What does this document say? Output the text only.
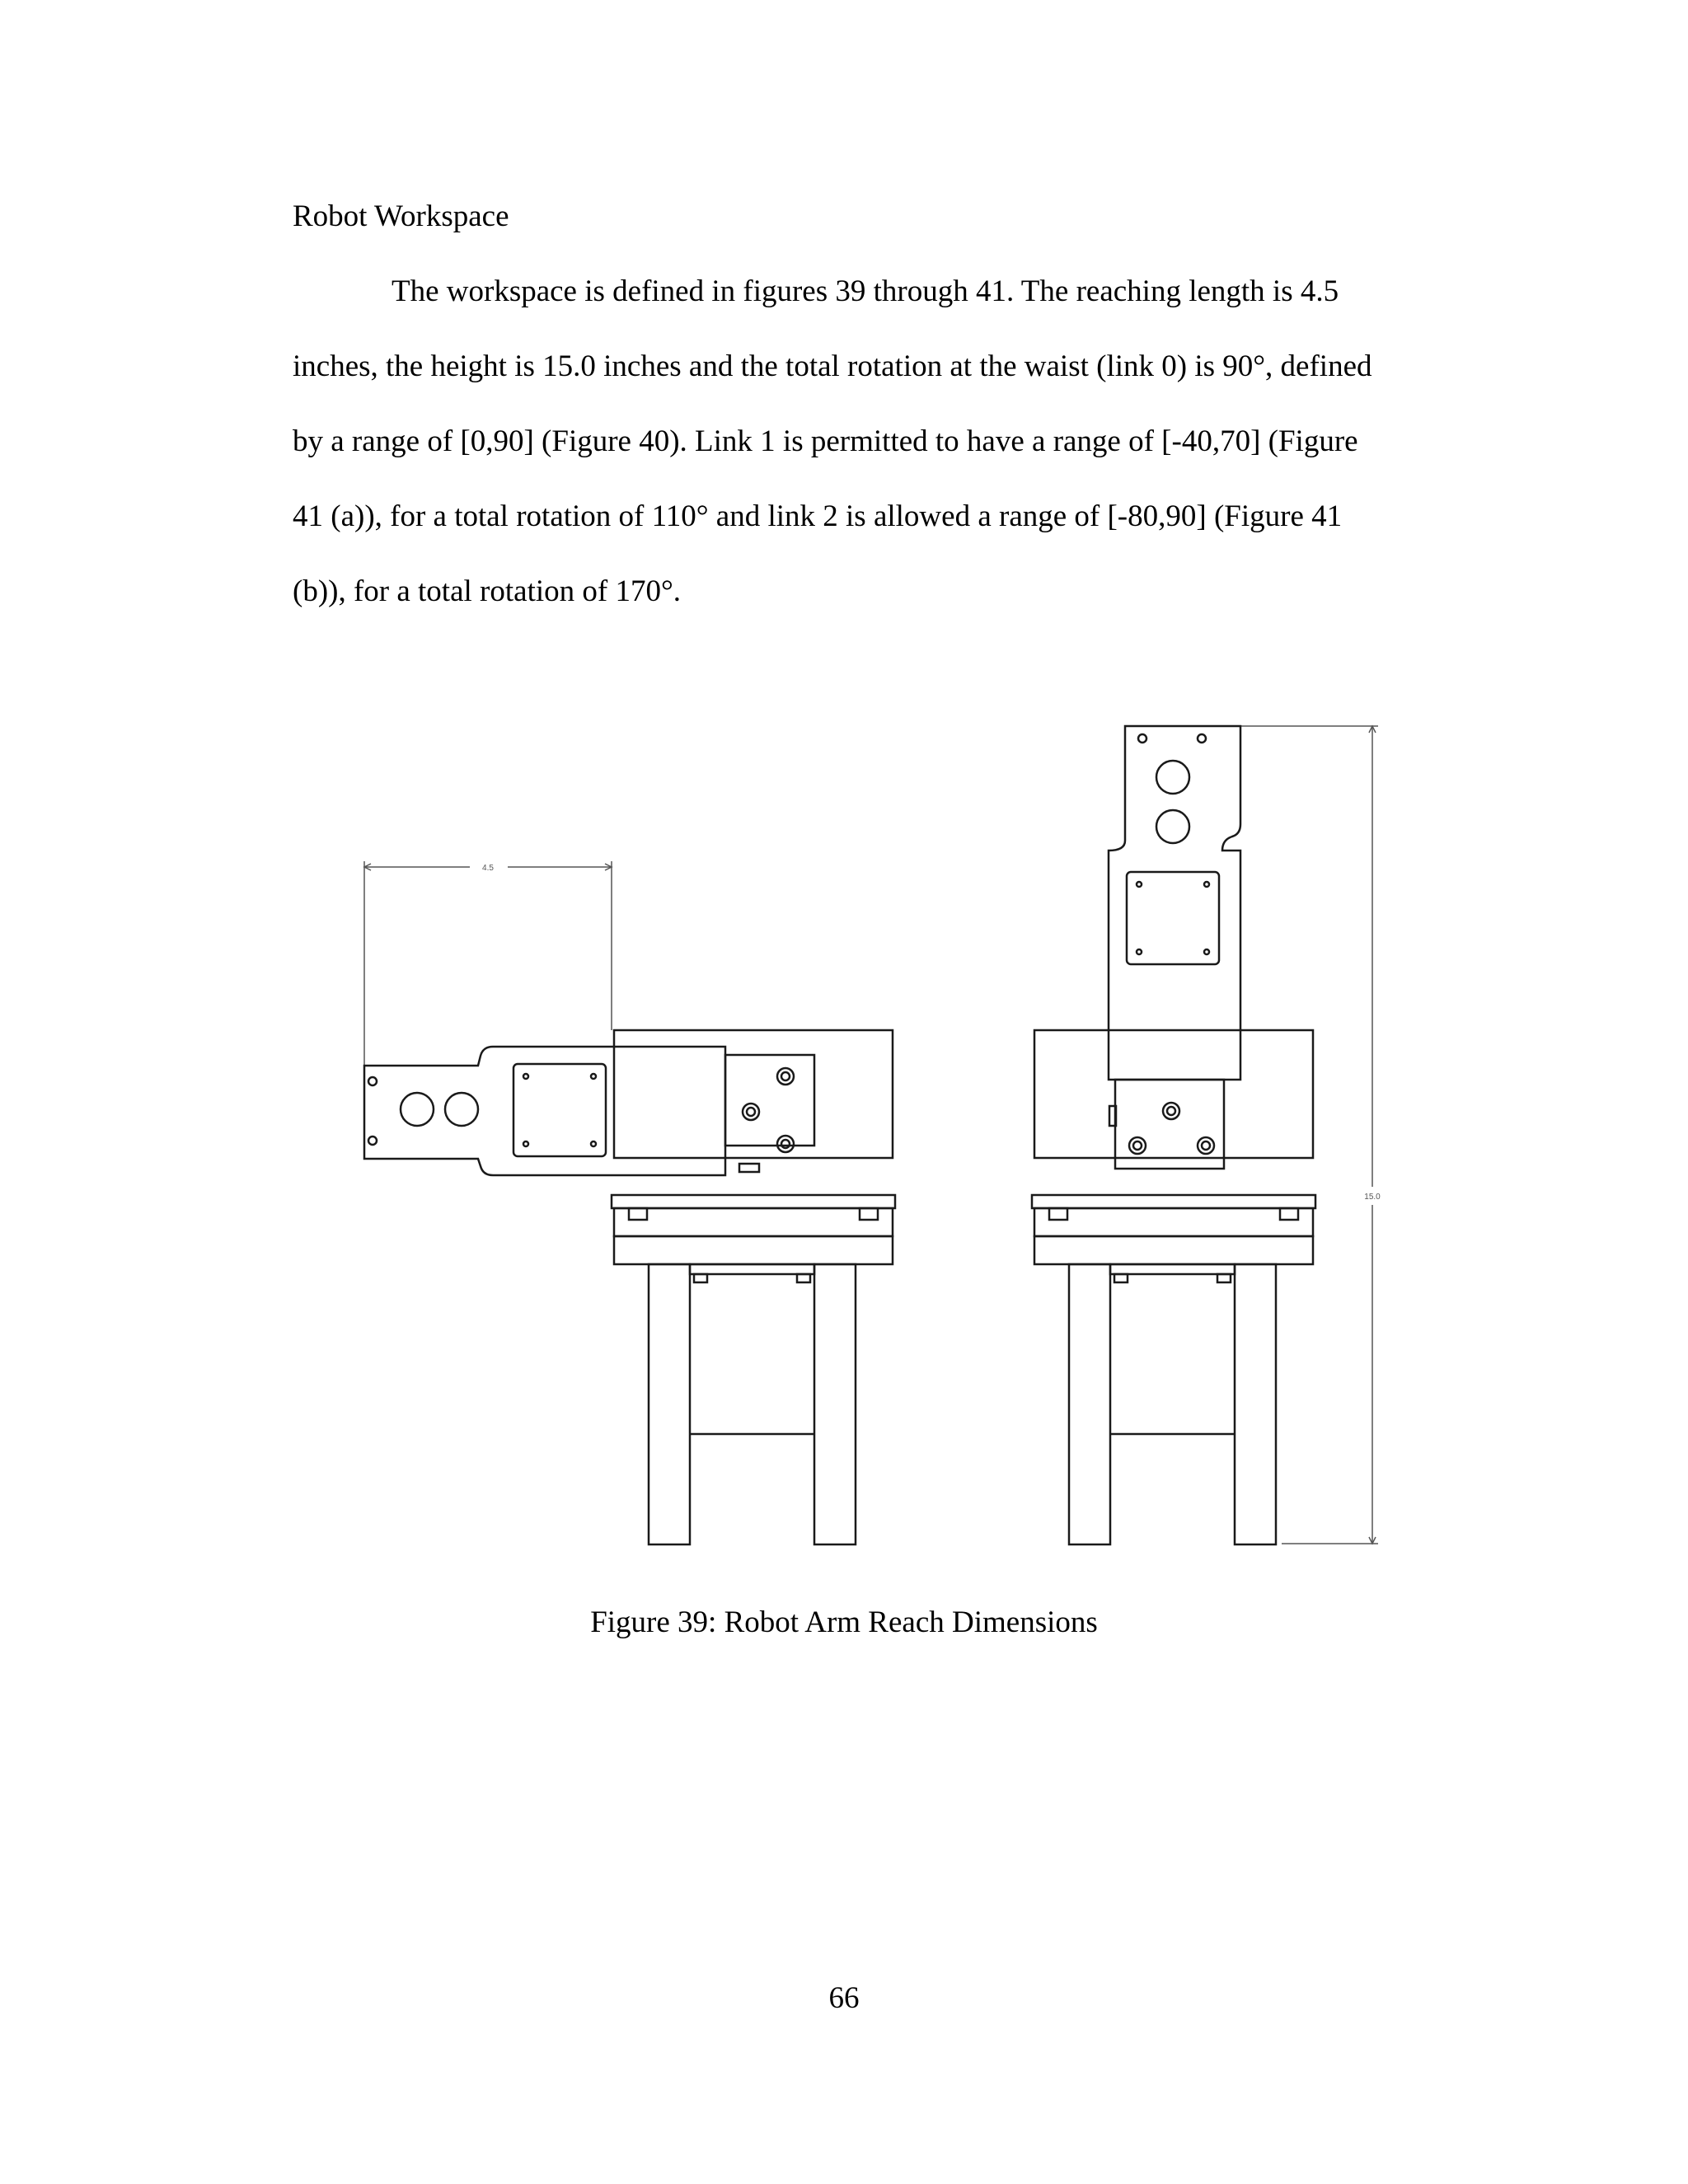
Robot Workspace

The workspace is defined in figures 39 through 41. The reaching length is 4.5

inches, the height is 15.0 inches and the total rotation at the waist (link 0) is 90°, defined

by a range of [0,90] (Figure 40). Link 1 is permitted to have a range of [-40,70] (Figure

41 (a)), for a total rotation of 110° and link 2 is allowed a range of [-80,90] (Figure 41

(b)), for a total rotation of 170°.

4.5
15.0
Figure 39: Robot Arm Reach Dimensions
66
